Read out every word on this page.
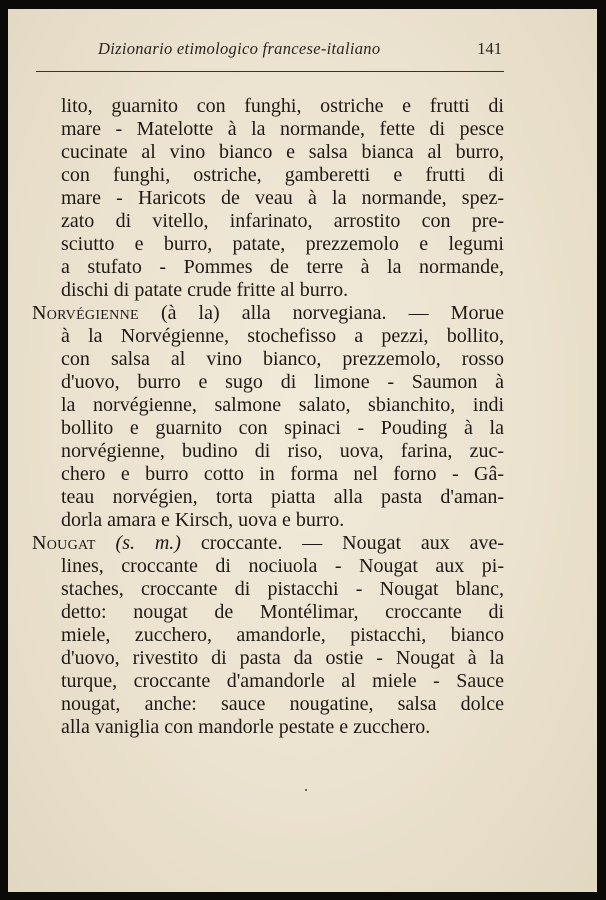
Dizionario etimologico francese-italiano	141
lito, guarnito con funghi, ostriche e frutti di
mare - Matelotte à la normande, fette di pesce
cucinate al vino bianco e salsa bianca al burro,
con funghi, ostriche, gamberetti e frutti di
mare - Haricots de veau à la normande, spez-
zato di vitello, infarinato, arrostito con pre-
sciutto e burro, patate, prezzemolo e legumi
a stufato - Pommes de terre à la normande,
dischi di patate crude fritte al burro.
Norvégienne (à la) alla norvegiana. — Morue
à la Norvégienne, stochefisso a pezzi, bollito,
con salsa al vino bianco, prezzemolo, rosso
d'uovo, burro e sugo di limone - Saumon à
la norvégienne, salmone salato, sbianchito, indi
bollito e guarnito con spinaci - Pouding à la
norvégienne, budino di riso, uova, farina, zuc-
chero e burro cotto in forma nel forno - Gâ-
teau norvégien, torta piatta alla pasta d'aman-
dorla amara e Kirsch, uova e burro.
Nougat (s. m.) croccante. — Nougat aux ave-
lines, croccante di nociuola - Nougat aux pi-
staches, croccante di pistacchi - Nougat blanc,
detto: nougat de Montélimar, croccante di
miele, zucchero, amandorle, pistacchi, bianco
d'uovo, rivestito di pasta da ostie - Nougat à la
turque, croccante d'amandorle al miele - Sauce
nougat, anche: sauce nougatine, salsa dolce
alla vaniglia con mandorle pestate e zucchero.
